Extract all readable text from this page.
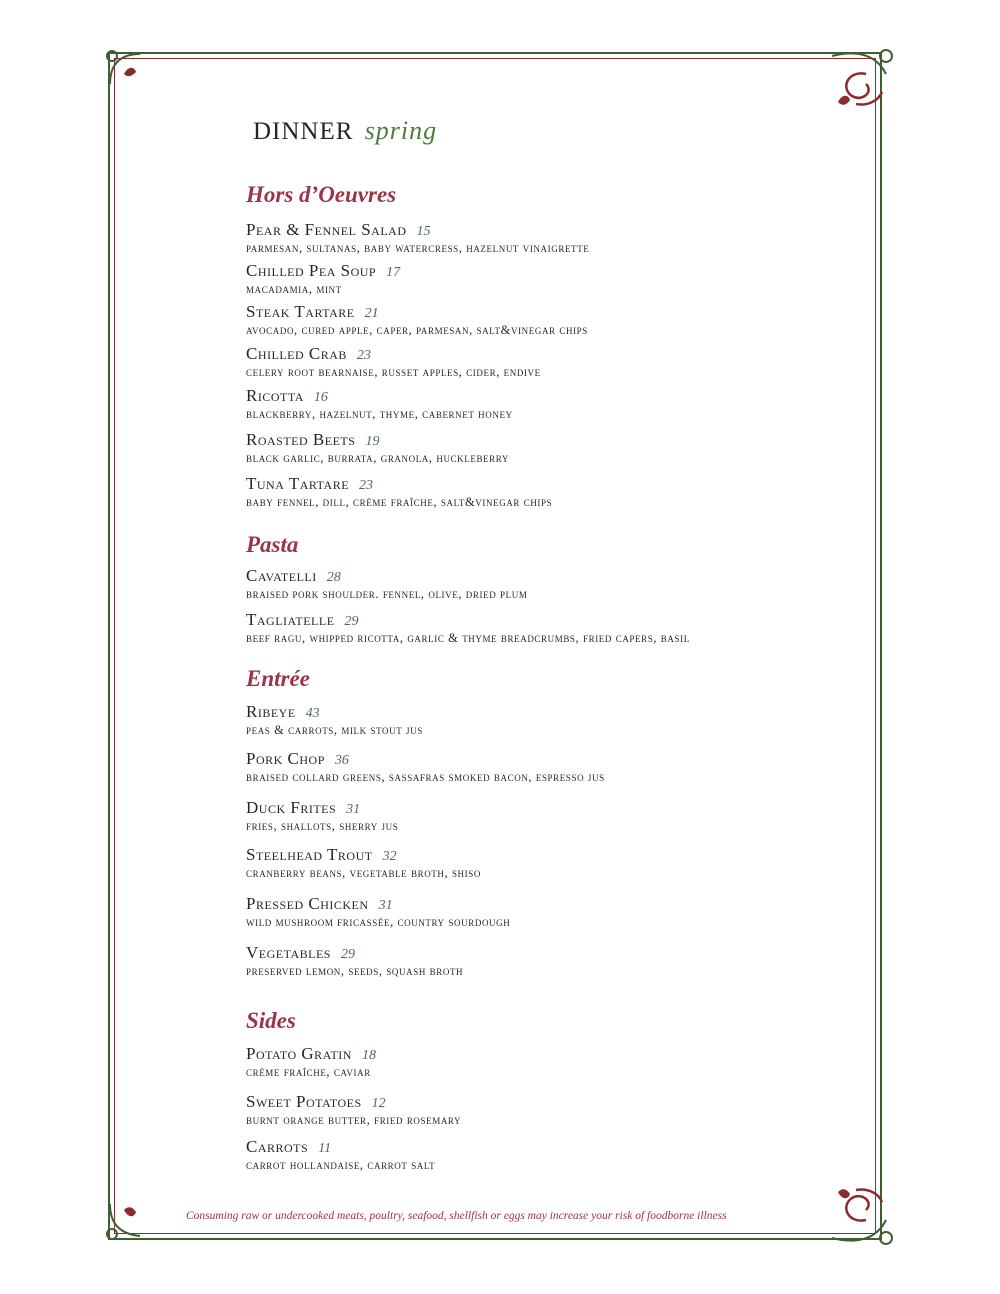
DINNER spring
Hors d’Oeuvres
Pear & Fennel Salad 15
parmesan, sultanas, baby watercress, hazelnut vinaigrette
Chilled Pea Soup 17
macadamia, mint
Steak Tartare 21
avocado, cured apple, caper, parmesan, salt&vinegar chips
Chilled Crab 23
celery root bearnaise, russet apples, cider, endive
Ricotta 16
blackberry, hazelnut, thyme, cabernet honey
Roasted Beets 19
black garlic, burrata, granola, huckleberry
Tuna Tartare 23
baby fennel, dill, crème fraîche, salt&vinegar chips
Pasta
Cavatelli 28
braised pork shoulder. fennel, olive, dried plum
Tagliatelle 29
beef ragu, whipped ricotta, garlic & thyme breadcrumbs, fried capers, basil
Entrée
Ribeye 43
peas & carrots, milk stout jus
Pork Chop 36
braised collard greens, sassafras smoked bacon, espresso jus
Duck Frites 31
fries, shallots, sherry jus
Steelhead Trout 32
cranberry beans, vegetable broth, shiso
Pressed Chicken 31
wild mushroom fricassée, country sourdough
Vegetables 29
preserved lemon, seeds, squash broth
Sides
Potato Gratin 18
crème fraîche, caviar
Sweet Potatoes 12
burnt orange butter, fried rosemary
Carrots 11
carrot hollandaise, carrot salt
Consuming raw or undercooked meats, poultry, seafood, shellfish or eggs may increase your risk of foodborne illness
